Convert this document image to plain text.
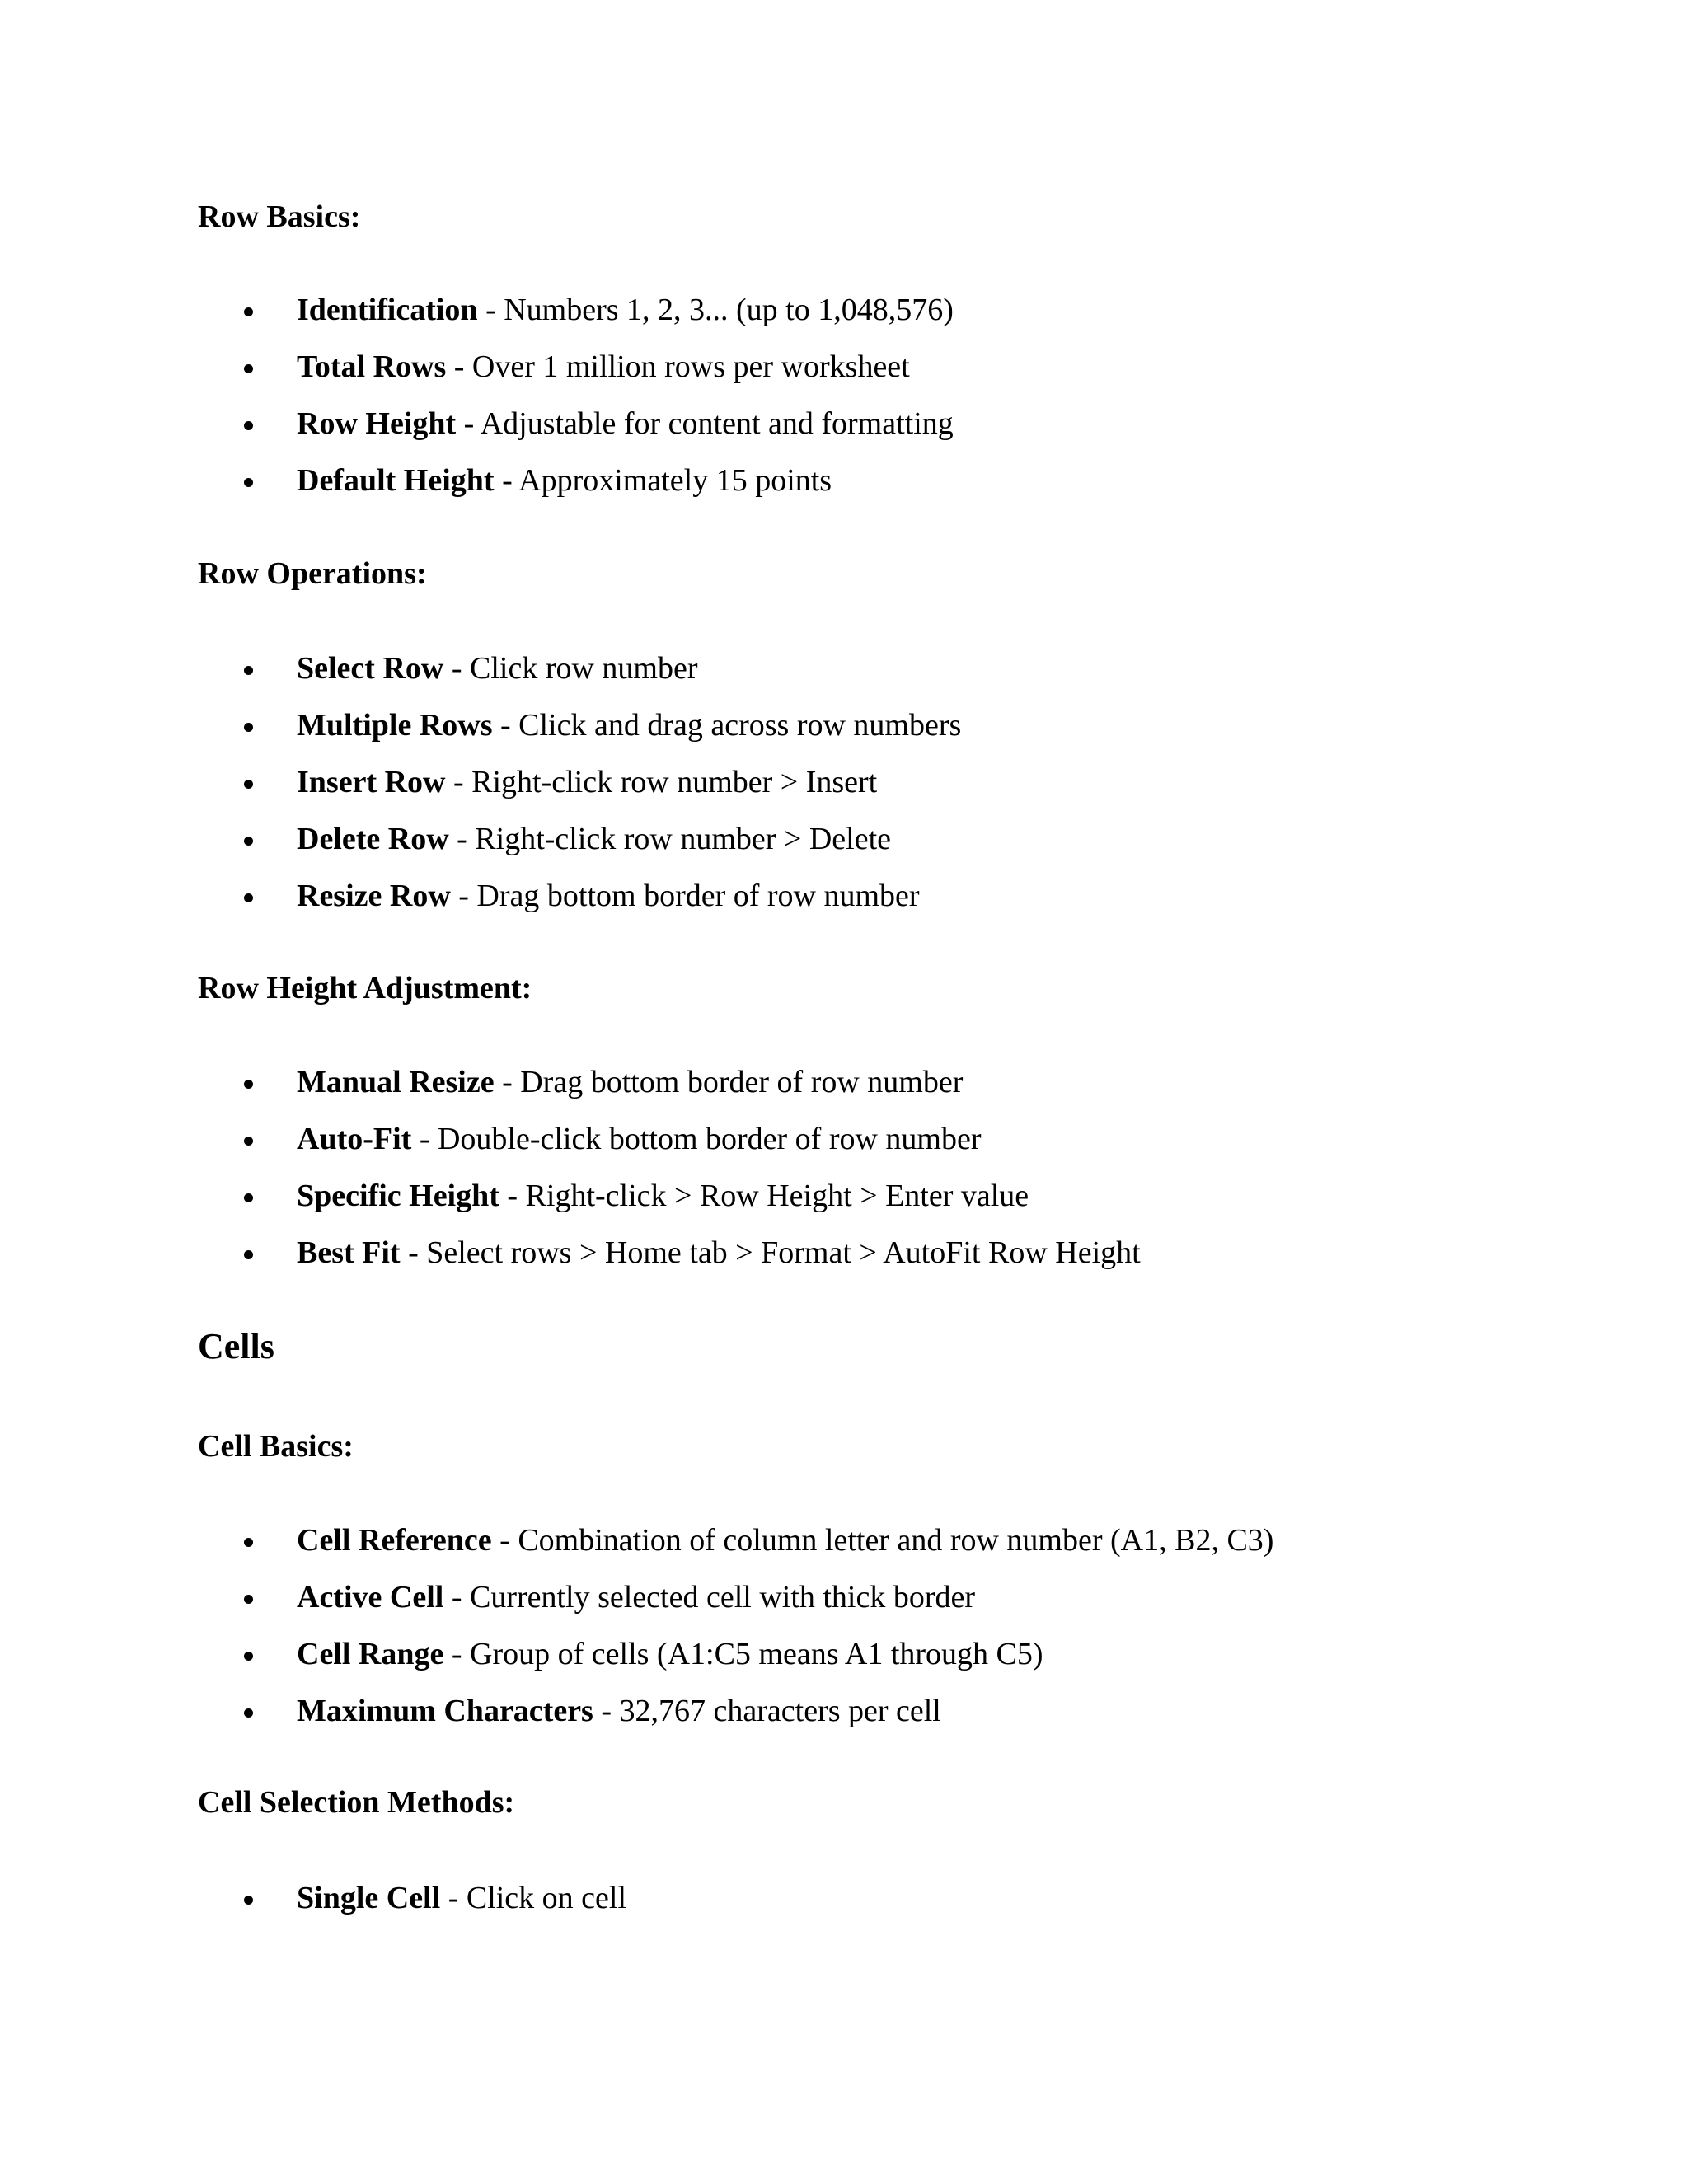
Row Basics:
Identification - Numbers 1, 2, 3... (up to 1,048,576)
Total Rows - Over 1 million rows per worksheet
Row Height - Adjustable for content and formatting
Default Height - Approximately 15 points
Row Operations:
Select Row - Click row number
Multiple Rows - Click and drag across row numbers
Insert Row - Right-click row number > Insert
Delete Row - Right-click row number > Delete
Resize Row - Drag bottom border of row number
Row Height Adjustment:
Manual Resize - Drag bottom border of row number
Auto-Fit - Double-click bottom border of row number
Specific Height - Right-click > Row Height > Enter value
Best Fit - Select rows > Home tab > Format > AutoFit Row Height
Cells
Cell Basics:
Cell Reference - Combination of column letter and row number (A1, B2, C3)
Active Cell - Currently selected cell with thick border
Cell Range - Group of cells (A1:C5 means A1 through C5)
Maximum Characters - 32,767 characters per cell
Cell Selection Methods:
Single Cell - Click on cell
